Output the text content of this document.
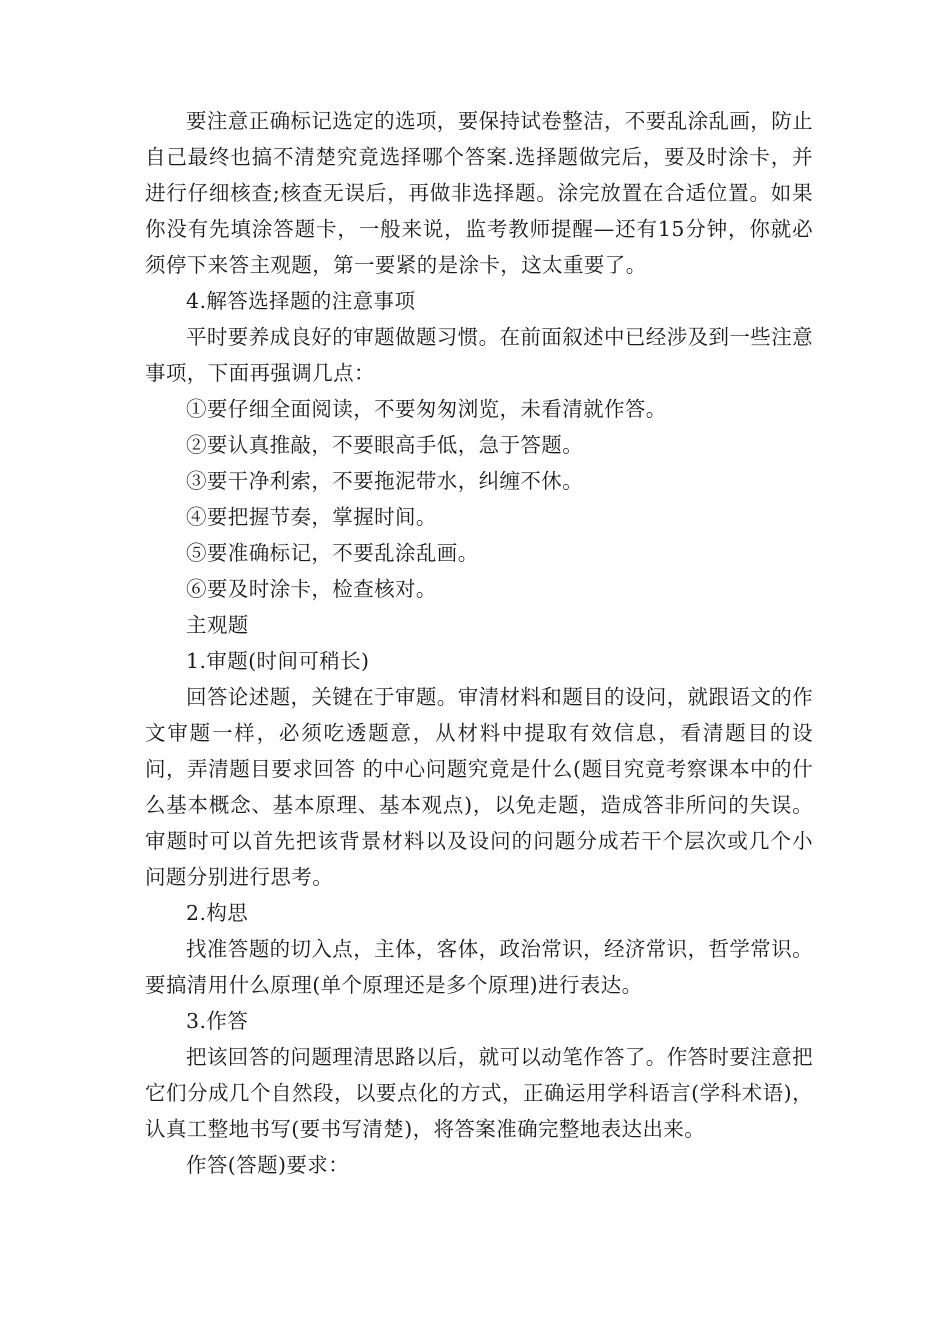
要注意正确标记选定的选项，要保持试卷整洁，不要乱涂乱画，防止自己最终也搞不清楚究竟选择哪个答案.选择题做完后，要及时涂卡，并进行仔细核查;核查无误后，再做非选择题。涂完放置在合适位置。如果你没有先填涂答题卡，一般来说，监考教师提醒—还有15分钟，你就必须停下来答主观题，第一要紧的是涂卡，这太重要了。

4.解答选择题的注意事项

平时要养成良好的审题做题习惯。在前面叙述中已经涉及到一些注意事项，下面再强调几点：

①要仔细全面阅读，不要匆匆浏览，未看清就作答。

②要认真推敲，不要眼高手低，急于答题。

③要干净利索，不要拖泥带水，纠缠不休。

④要把握节奏，掌握时间。

⑤要准确标记，不要乱涂乱画。

⑥要及时涂卡，检查核对。

主观题

1.审题(时间可稍长)

回答论述题，关键在于审题。审清材料和题目的设问，就跟语文的作文审题一样，必须吃透题意，从材料中提取有效信息，看清题目的设问，弄清题目要求回答 的中心问题究竟是什么(题目究竟考察课本中的什么基本概念、基本原理、基本观点)，以免走题，造成答非所问的失误。审题时可以首先把该背景材料以及设问的问题分成若干个层次或几个小问题分别进行思考。

2.构思

找准答题的切入点，主体，客体，政治常识，经济常识，哲学常识。要搞清用什么原理(单个原理还是多个原理)进行表达。

3.作答

把该回答的问题理清思路以后，就可以动笔作答了。作答时要注意把它们分成几个自然段，以要点化的方式，正确运用学科语言(学科术语)，认真工整地书写(要书写清楚)，将答案准确完整地表达出来。

作答(答题)要求：
